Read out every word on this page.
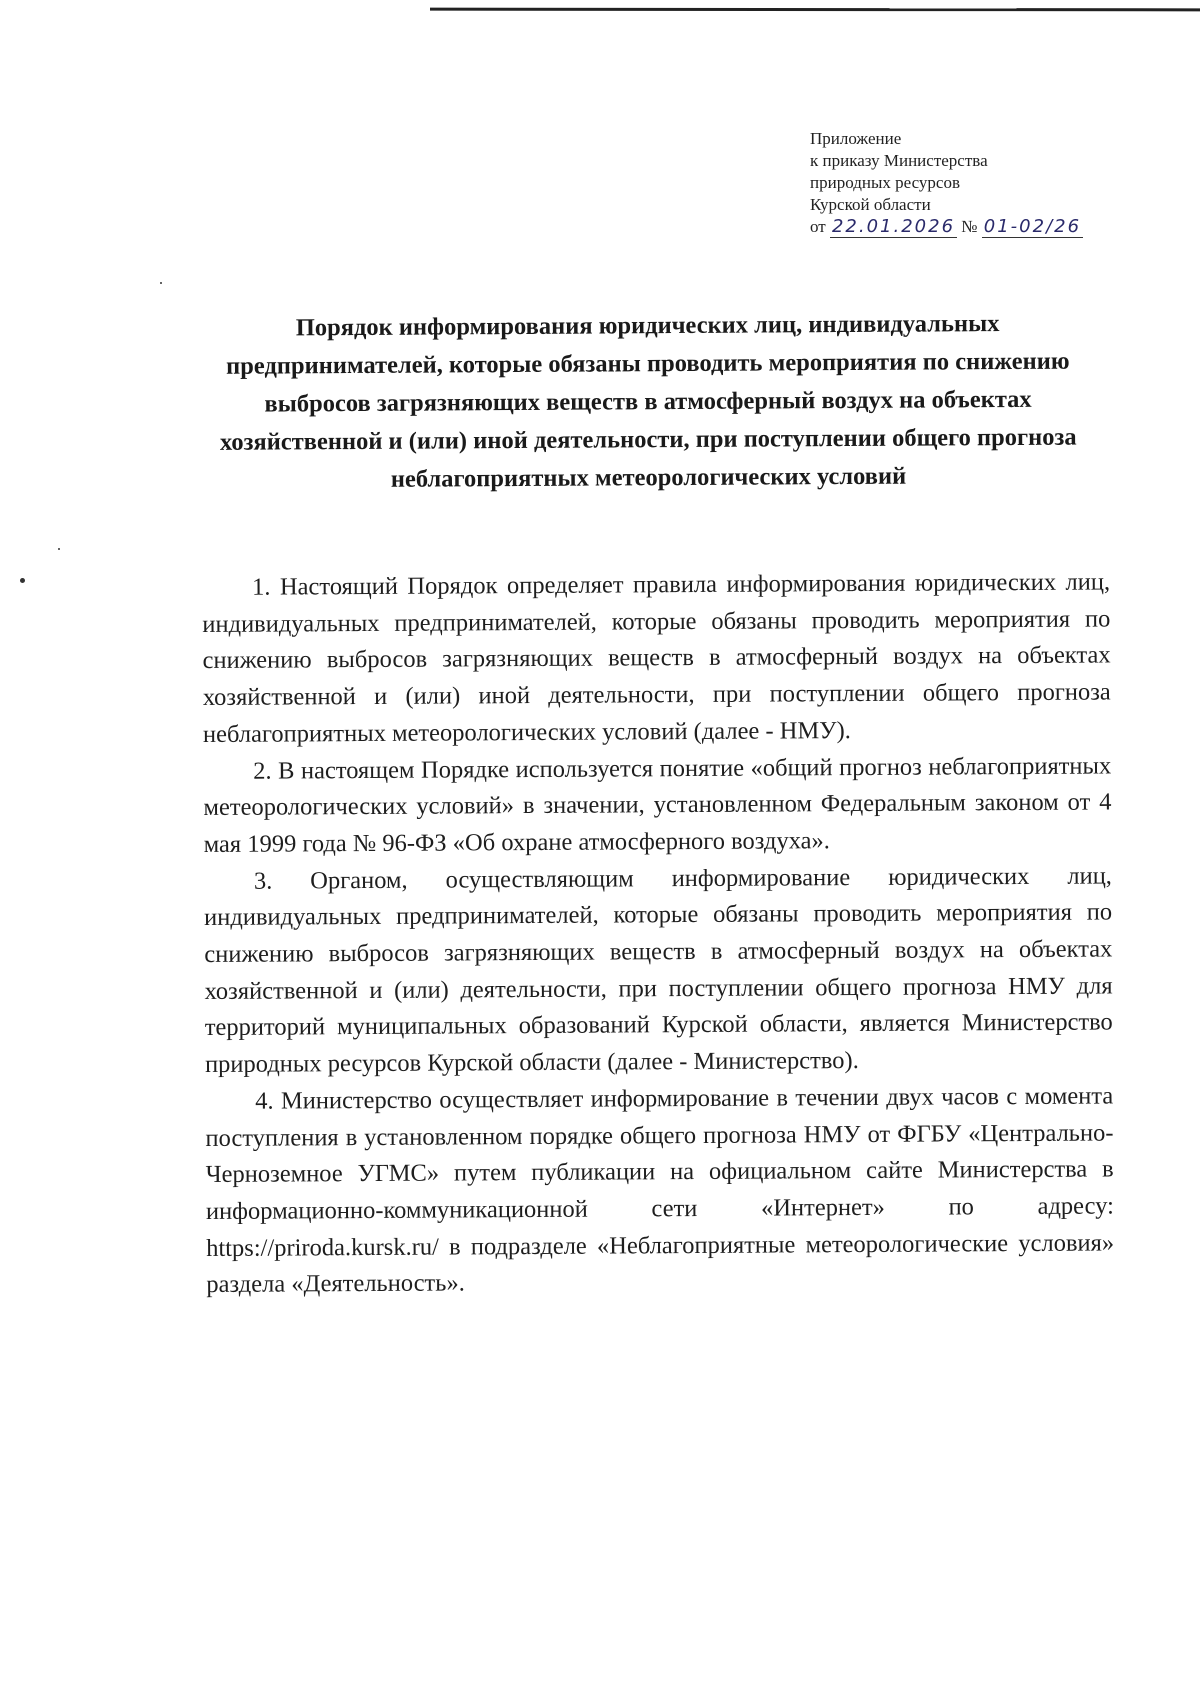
Приложение
к приказу Министерства
природных ресурсов
Курской области
от 22.01.2026 № 01-02/26
Порядок информирования юридических лиц, индивидуальных предпринимателей, которые обязаны проводить мероприятия по снижению выбросов загрязняющих веществ в атмосферный воздух на объектах хозяйственной и (или) иной деятельности, при поступлении общего прогноза неблагоприятных метеорологических условий

1. Настоящий Порядок определяет правила информирования юридических лиц, индивидуальных предпринимателей, которые обязаны проводить мероприятия по снижению выбросов загрязняющих веществ в атмосферный воздух на объектах хозяйственной и (или) иной деятельности, при поступлении общего прогноза неблагоприятных метеорологических условий (далее - НМУ).

2. В настоящем Порядке используется понятие «общий прогноз неблагоприятных метеорологических условий» в значении, установленном Федеральным законом от 4 мая 1999 года № 96-ФЗ «Об охране атмосферного воздуха».

3. Органом, осуществляющим информирование юридических лиц, индивидуальных предпринимателей, которые обязаны проводить мероприятия по снижению выбросов загрязняющих веществ в атмосферный воздух на объектах хозяйственной и (или) деятельности, при поступлении общего прогноза НМУ для территорий муниципальных образований Курской области, является Министерство природных ресурсов Курской области (далее - Министерство).

4. Министерство осуществляет информирование в течении двух часов с момента поступления в установленном порядке общего прогноза НМУ от ФГБУ «Центрально-Черноземное УГМС» путем публикации на официальном сайте Министерства в информационно-коммуникационной сети «Интернет» по адресу: https://priroda.kursk.ru/ в подразделе «Неблагоприятные метеорологические условия» раздела «Деятельность».
